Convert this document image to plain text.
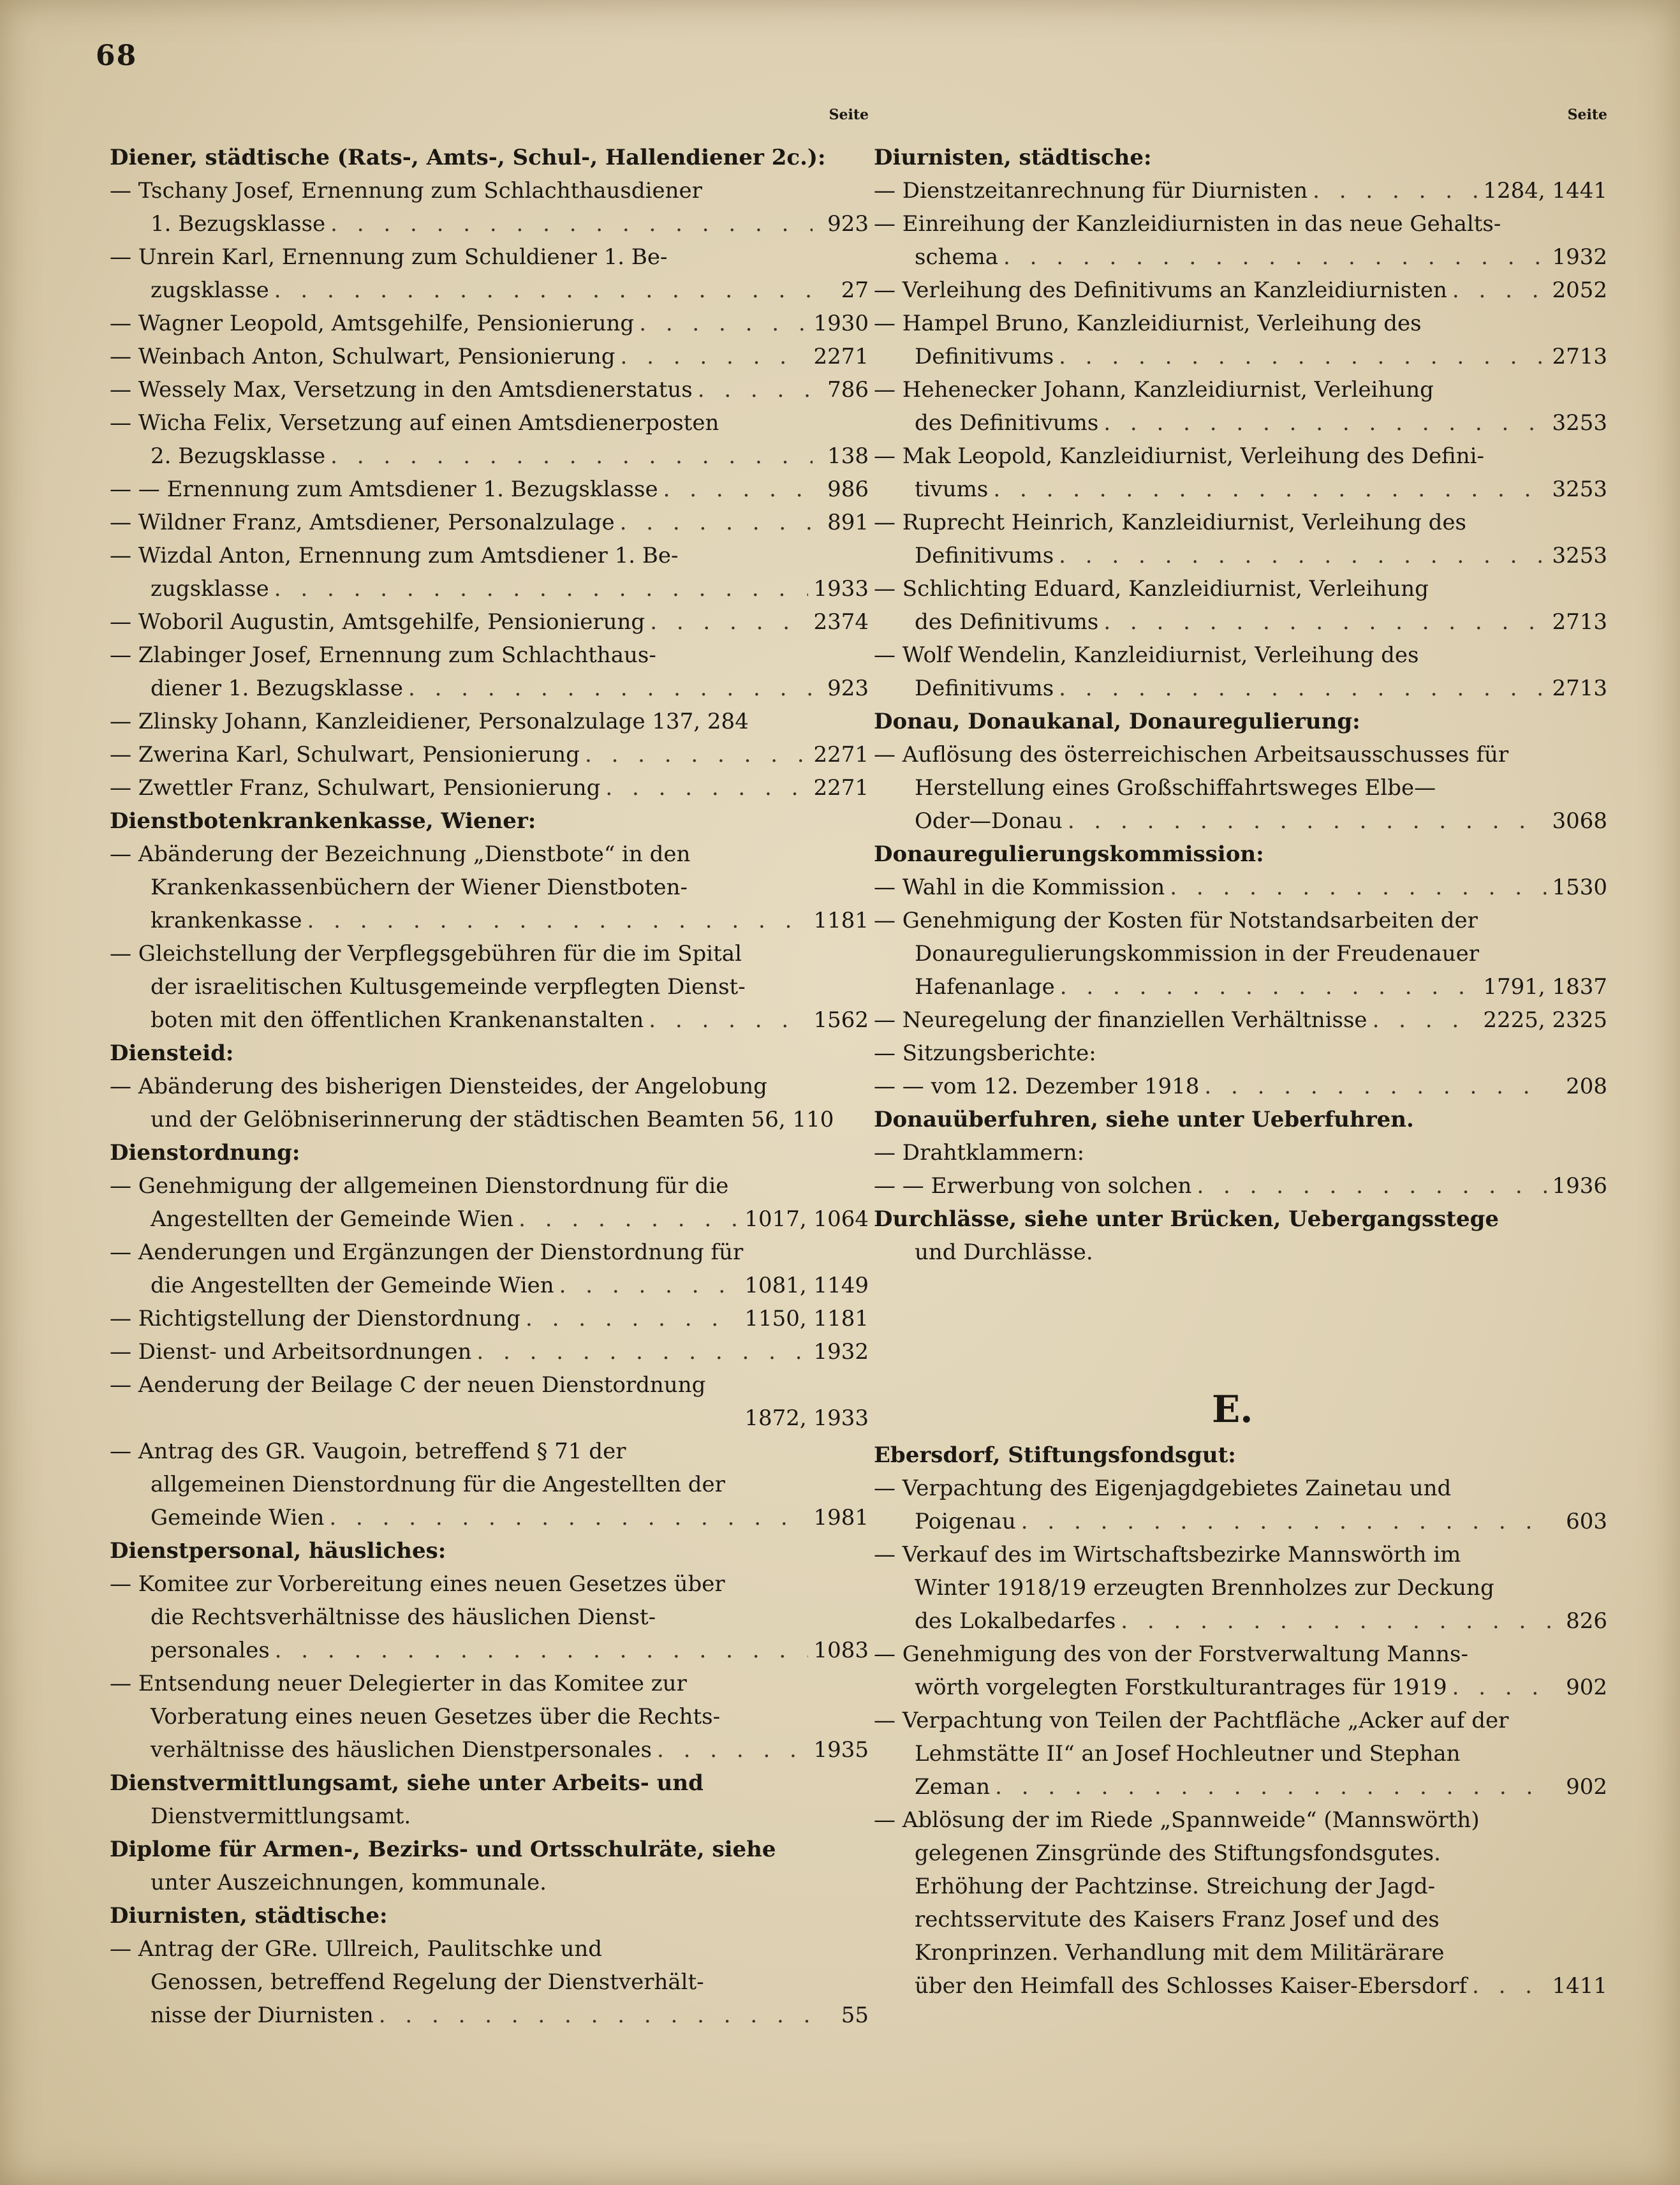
68
Seite
Diener, städtische (Rats-, Amts-, Schul-, Hallendiener 2c.):
— Tschany Josef, Ernennung zum Schlachthausdiener
1. Bezugsklasse . . .	923
— Unrein Karl, Ernennung zum Schuldiener 1. Be-
zugsklasse . . .	27
— Wagner Leopold, Amtsgehilfe, Pensionierung . . .	1930
— Weinbach Anton, Schulwart, Pensionierung . . .	2271
— Wessely Max, Versetzung in den Amtsdienerstatus . . .	786
— Wicha Felix, Versetzung auf einen Amtsdienerposten
2. Bezugsklasse . . .	138
— — Ernennung zum Amtsdiener 1. Bezugsklasse . . .	986
— Wildner Franz, Amtsdiener, Personalzulage . . .	891
— Wizdal Anton, Ernennung zum Amtsdiener 1. Be-
zugsklasse . . .	1933
— Woboril Augustin, Amtsgehilfe, Pensionierung . . .	2374
— Zlabinger Josef, Ernennung zum Schlachthaus-
diener 1. Bezugsklasse . . .	923
— Zlinsky Johann, Kanzleidiener, Personalzulage 137, 284
— Zwerina Karl, Schulwart, Pensionierung . . .	2271
— Zwettler Franz, Schulwart, Pensionierung . . .	2271
Dienstbotenkrankenkasse, Wiener:
— Abänderung der Bezeichnung „Dienstbote“ in den
Krankenkassenbüchern der Wiener Dienstboten-
krankenkasse . . .	1181
— Gleichstellung der Verpflegsgebühren für die im Spital
der israelitischen Kultusgemeinde verpflegten Dienst-
boten mit den öffentlichen Krankenanstalten . . .	1562
Diensteid:
— Abänderung des bisherigen Diensteides, der Angelobung
und der Gelöbniserinnerung der städtischen Beamten 56, 110
Dienstordnung:
— Genehmigung der allgemeinen Dienstordnung für die
Angestellten der Gemeinde Wien . . .	1017, 1064
— Aenderungen und Ergänzungen der Dienstordnung für
die Angestellten der Gemeinde Wien . . .	1081, 1149
— Richtigstellung der Dienstordnung . . .	1150, 1181
— Dienst- und Arbeitsordnungen . . .	1932
— Aenderung der Beilage C der neuen Dienstordnung
1872, 1933
— Antrag des GR. Vaugoin, betreffend § 71 der
allgemeinen Dienstordnung für die Angestellten der
Gemeinde Wien . . .	1981
Dienstpersonal, häusliches:
— Komitee zur Vorbereitung eines neuen Gesetzes über
die Rechtsverhältnisse des häuslichen Dienst-
personales . . .	1083
— Entsendung neuer Delegierter in das Komitee zur
Vorberatung eines neuen Gesetzes über die Rechts-
verhältnisse des häuslichen Dienstpersonales . . .	1935
Dienstvermittlungsamt, siehe unter Arbeits- und
Dienstvermittlungsamt.
Diplome für Armen-, Bezirks- und Ortsschulräte, siehe
unter Auszeichnungen, kommunale.
Diurnisten, städtische:
— Antrag der GRe. Ullreich, Paulitschke und
Genossen, betreffend Regelung der Dienstverhält-
nisse der Diurnisten . . .	55
Seite
Diurnisten, städtische:
— Dienstzeitanrechnung für Diurnisten . . .	1284, 1441
— Einreihung der Kanzleidiurnisten in das neue Gehalts-
schema . . .	1932
— Verleihung des Definitivums an Kanzleidiurnisten . . .	2052
— Hampel Bruno, Kanzleidiurnist, Verleihung des
Definitivums . . .	2713
— Hehenecker Johann, Kanzleidiurnist, Verleihung
des Definitivums . . .	3253
— Mak Leopold, Kanzleidiurnist, Verleihung des Defini-
tivums . . .	3253
— Ruprecht Heinrich, Kanzleidiurnist, Verleihung des
Definitivums . . .	3253
— Schlichting Eduard, Kanzleidiurnist, Verleihung
des Definitivums . . .	2713
— Wolf Wendelin, Kanzleidiurnist, Verleihung des
Definitivums . . .	2713
Donau, Donaukanal, Donauregulierung:
— Auflösung des österreichischen Arbeitsausschusses für
Herstellung eines Großschiffahrtsweges Elbe—
Oder—Donau . . .	3068
Donauregulierungskommission:
— Wahl in die Kommission . . .	1530
— Genehmigung der Kosten für Notstandsarbeiten der
Donauregulierungskommission in der Freudenauer
Hafenanlage . . .	1791, 1837
— Neuregelung der finanziellen Verhältnisse . . .	2225, 2325
— Sitzungsberichte:
— — vom 12. Dezember 1918 . . .	208
Donauüberfuhren, siehe unter Ueberfuhren.
— Drahtklammern:
— — Erwerbung von solchen . . .	1936
Durchlässe, siehe unter Brücken, Uebergangsstege
und Durchlässe.
E.
Ebersdorf, Stiftungsfondsgut:
— Verpachtung des Eigenjagdgebietes Zainetau und
Poigenau . . .	603
— Verkauf des im Wirtschaftsbezirke Mannswörth im
Winter 1918/19 erzeugten Brennholzes zur Deckung
des Lokalbedarfes . . .	826
— Genehmigung des von der Forstverwaltung Manns-
wörth vorgelegten Forstkulturantrages für 1919 . . .	902
— Verpachtung von Teilen der Pachtfläche „Acker auf der
Lehmstätte II“ an Josef Hochleutner und Stephan
Zeman . . .	902
— Ablösung der im Riede „Spannweide“ (Mannswörth)
gelegenen Zinsgründe des Stiftungsfondsgutes.
Erhöhung der Pachtzinse. Streichung der Jagd-
rechtsservitute des Kaisers Franz Josef und des
Kronprinzen. Verhandlung mit dem Militärärare
über den Heimfall des Schlosses Kaiser-Ebersdorf . . .	1411
